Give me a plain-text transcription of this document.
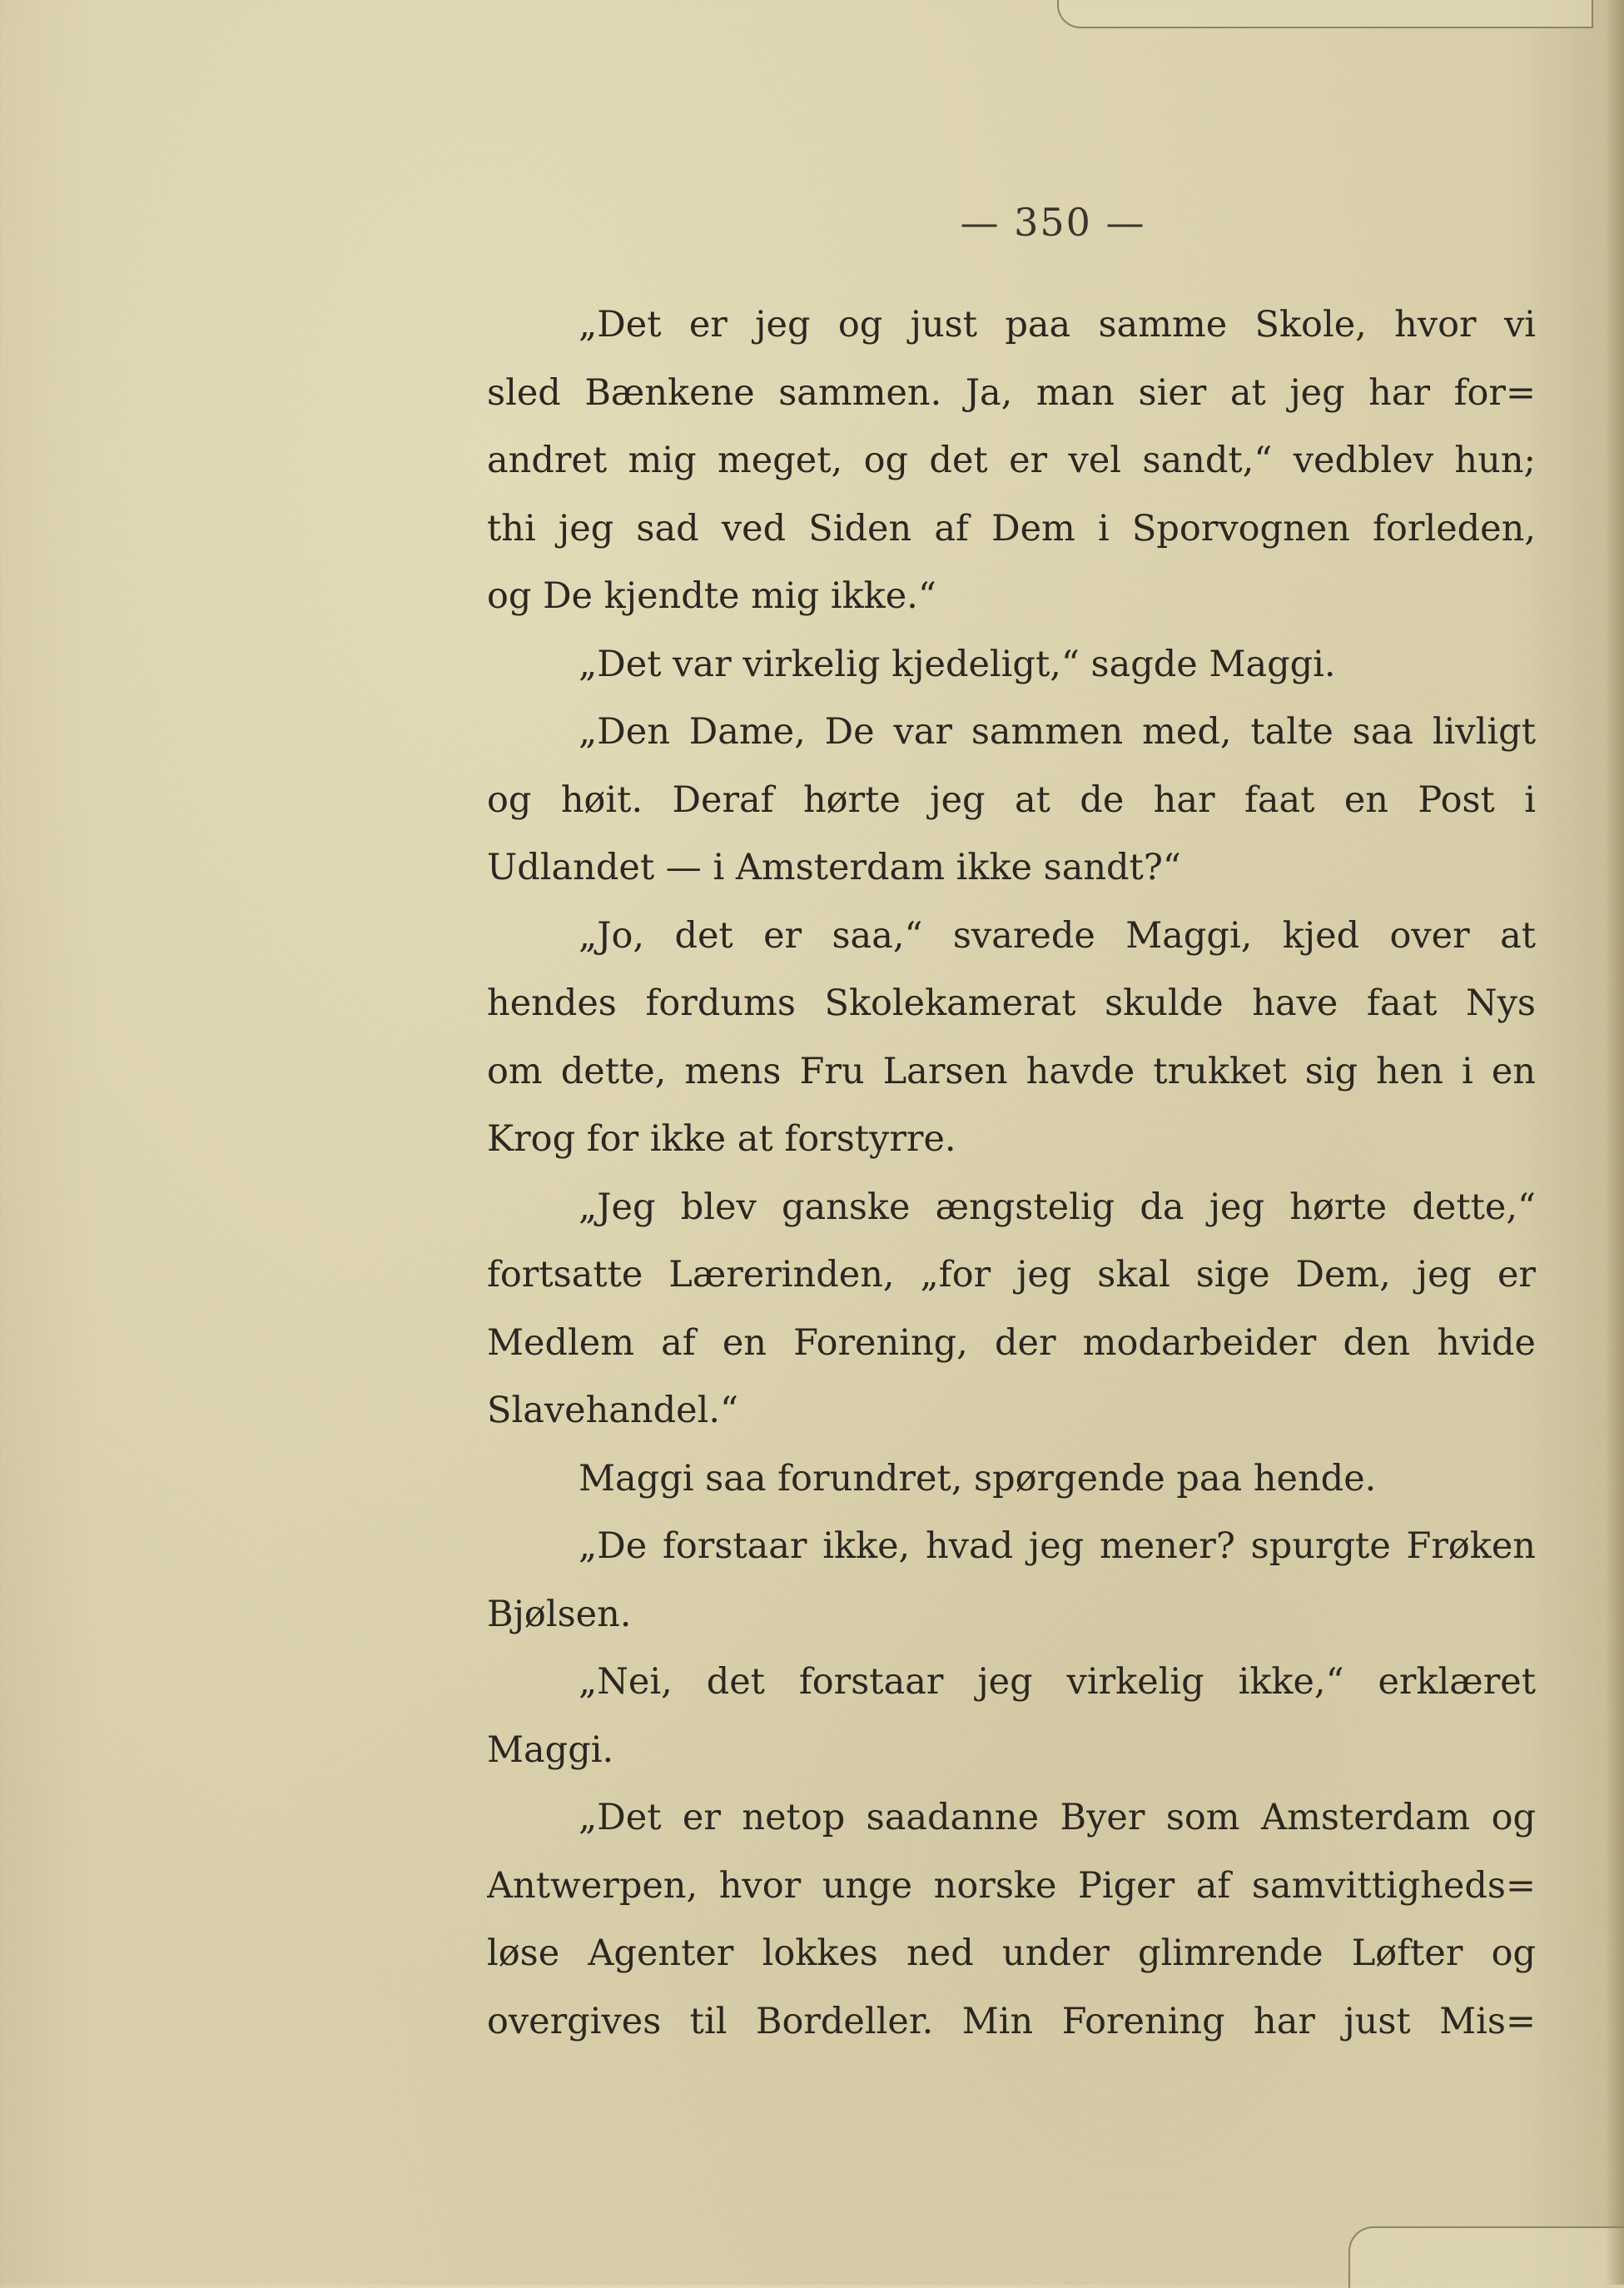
— 350 —
„Det er jeg og just paa samme Skole, hvor vi
sled Bænkene sammen. Ja, man sier at jeg har for=
andret mig meget, og det er vel sandt,“ vedblev hun;
thi jeg sad ved Siden af Dem i Sporvognen forleden,
og De kjendte mig ikke.“
„Det var virkelig kjedeligt,“ sagde Maggi.
„Den Dame, De var sammen med, talte saa livligt
og høit. Deraf hørte jeg at de har faat en Post i
Udlandet — i Amsterdam ikke sandt?“
„Jo, det er saa,“ svarede Maggi, kjed over at
hendes fordums Skolekamerat skulde have faat Nys
om dette, mens Fru Larsen havde trukket sig hen i en
Krog for ikke at forstyrre.
„Jeg blev ganske ængstelig da jeg hørte dette,“
fortsatte Lærerinden, „for jeg skal sige Dem, jeg er
Medlem af en Forening, der modarbeider den hvide
Slavehandel.“
Maggi saa forundret, spørgende paa hende.
„De forstaar ikke, hvad jeg mener? spurgte Frøken
Bjølsen.
„Nei, det forstaar jeg virkelig ikke,“ erklæret
Maggi.
„Det er netop saadanne Byer som Amsterdam og
Antwerpen, hvor unge norske Piger af samvittigheds=
løse Agenter lokkes ned under glimrende Løfter og
overgives til Bordeller. Min Forening har just Mis=
